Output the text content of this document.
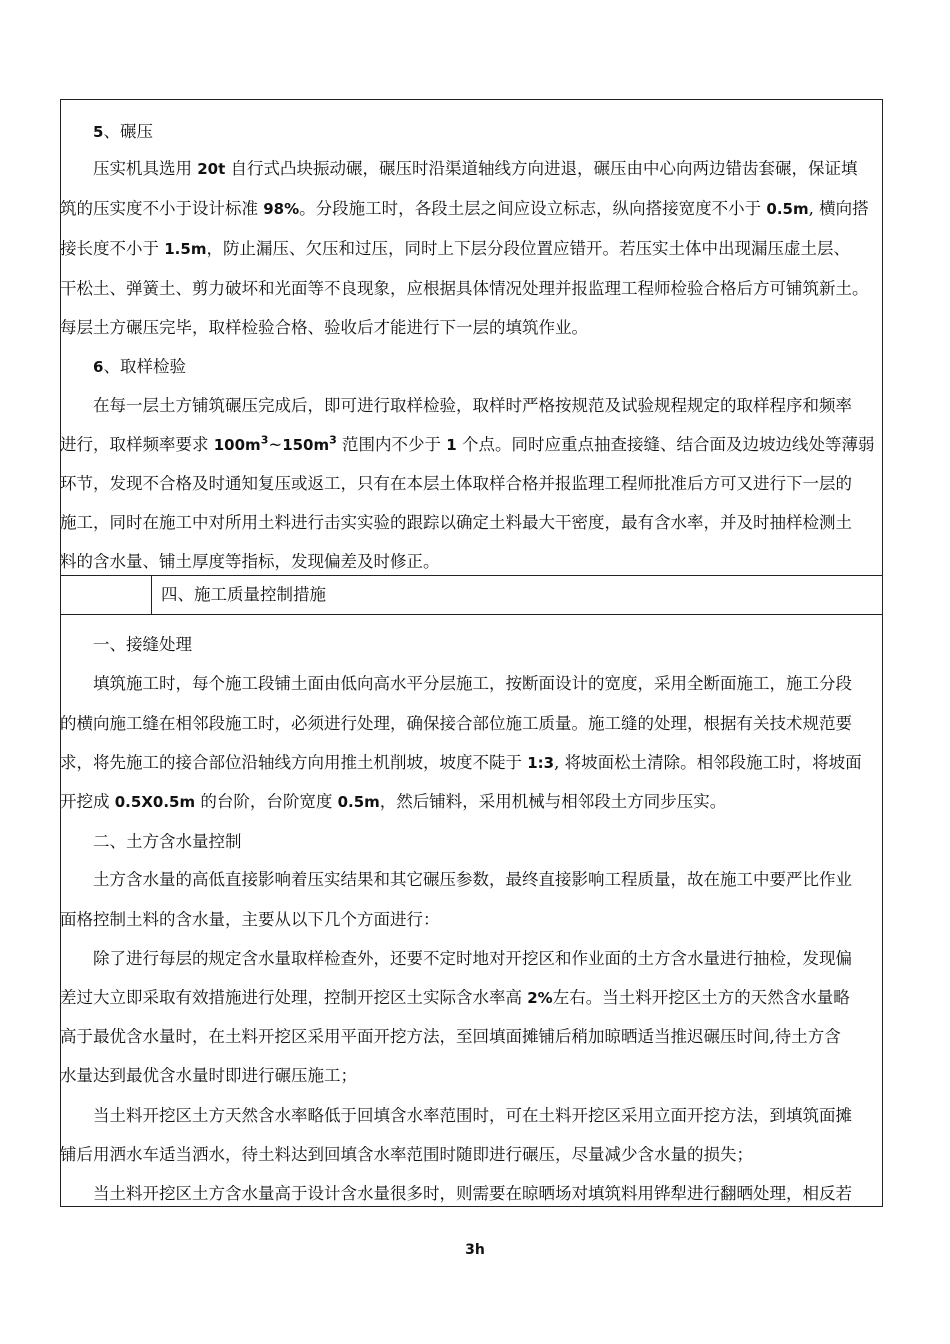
四、施工质量控制措施
5、碾压
压实机具选用 20t 自行式凸块振动碾，碾压时沿渠道轴线方向进退，碾压由中心向两边错齿套碾，保证填
筑的压实度不小于设计标准 98%。分段施工时，各段土层之间应设立标志，纵向搭接宽度不小于 0.5m, 横向搭
接长度不小于 1.5m，防止漏压、欠压和过压，同时上下层分段位置应错开。若压实土体中出现漏压虚土层、
干松土、弹簧土、剪力破坏和光面等不良现象，应根据具体情况处理并报监理工程师检验合格后方可铺筑新土。
每层土方碾压完毕，取样检验合格、验收后才能进行下一层的填筑作业。
6、取样检验
在每一层土方铺筑碾压完成后，即可进行取样检验，取样时严格按规范及试验规程规定的取样程序和频率
进行，取样频率要求 $100m^3\sim 150m^3$ 范围内不少于 1 个点。同时应重点抽查接缝、结合面及边坡边线处等薄弱
环节，发现不合格及时通知复压或返工，只有在本层土体取样合格并报监理工程师批准后方可又进行下一层的
施工，同时在施工中对所用土料进行击实实验的跟踪以确定土料最大干密度，最有含水率，并及时抽样检测土
料的含水量、铺土厚度等指标，发现偏差及时修正。
一、接缝处理
填筑施工时，每个施工段铺土面由低向高水平分层施工，按断面设计的宽度，采用全断面施工，施工分段
的横向施工缝在相邻段施工时，必须进行处理，确保接合部位施工质量。施工缝的处理，根据有关技术规范要
求，将先施工的接合部位沿轴线方向用推土机削坡，坡度不陡于 1:3, 将坡面松土清除。相邻段施工时，将坡面
开挖成 0.5X0.5m 的台阶，台阶宽度 0.5m，然后铺料，采用机械与相邻段土方同步压实。
二、土方含水量控制
土方含水量的高低直接影响着压实结果和其它碾压参数，最终直接影响工程质量，故在施工中要严比作业
面格控制土料的含水量，主要从以下几个方面进行：
除了进行每层的规定含水量取样检查外，还要不定时地对开挖区和作业面的土方含水量进行抽检，发现偏
差过大立即采取有效措施进行处理，控制开挖区土实际含水率高 2%左右。当土料开挖区土方的天然含水量略
高于最优含水量时，在土料开挖区采用平面开挖方法，至回填面摊铺后稍加晾晒适当推迟碾压时间,待土方含
水量达到最优含水量时即进行碾压施工；
当土料开挖区土方天然含水率略低于回填含水率范围时，可在土料开挖区采用立面开挖方法，到填筑面摊
铺后用洒水车适当洒水，待土料达到回填含水率范围时随即进行碾压，尽量减少含水量的损失；
当土料开挖区土方含水量高于设计含水量很多时，则需要在晾晒场对填筑料用铧犁进行翻晒处理，相反若
3h
